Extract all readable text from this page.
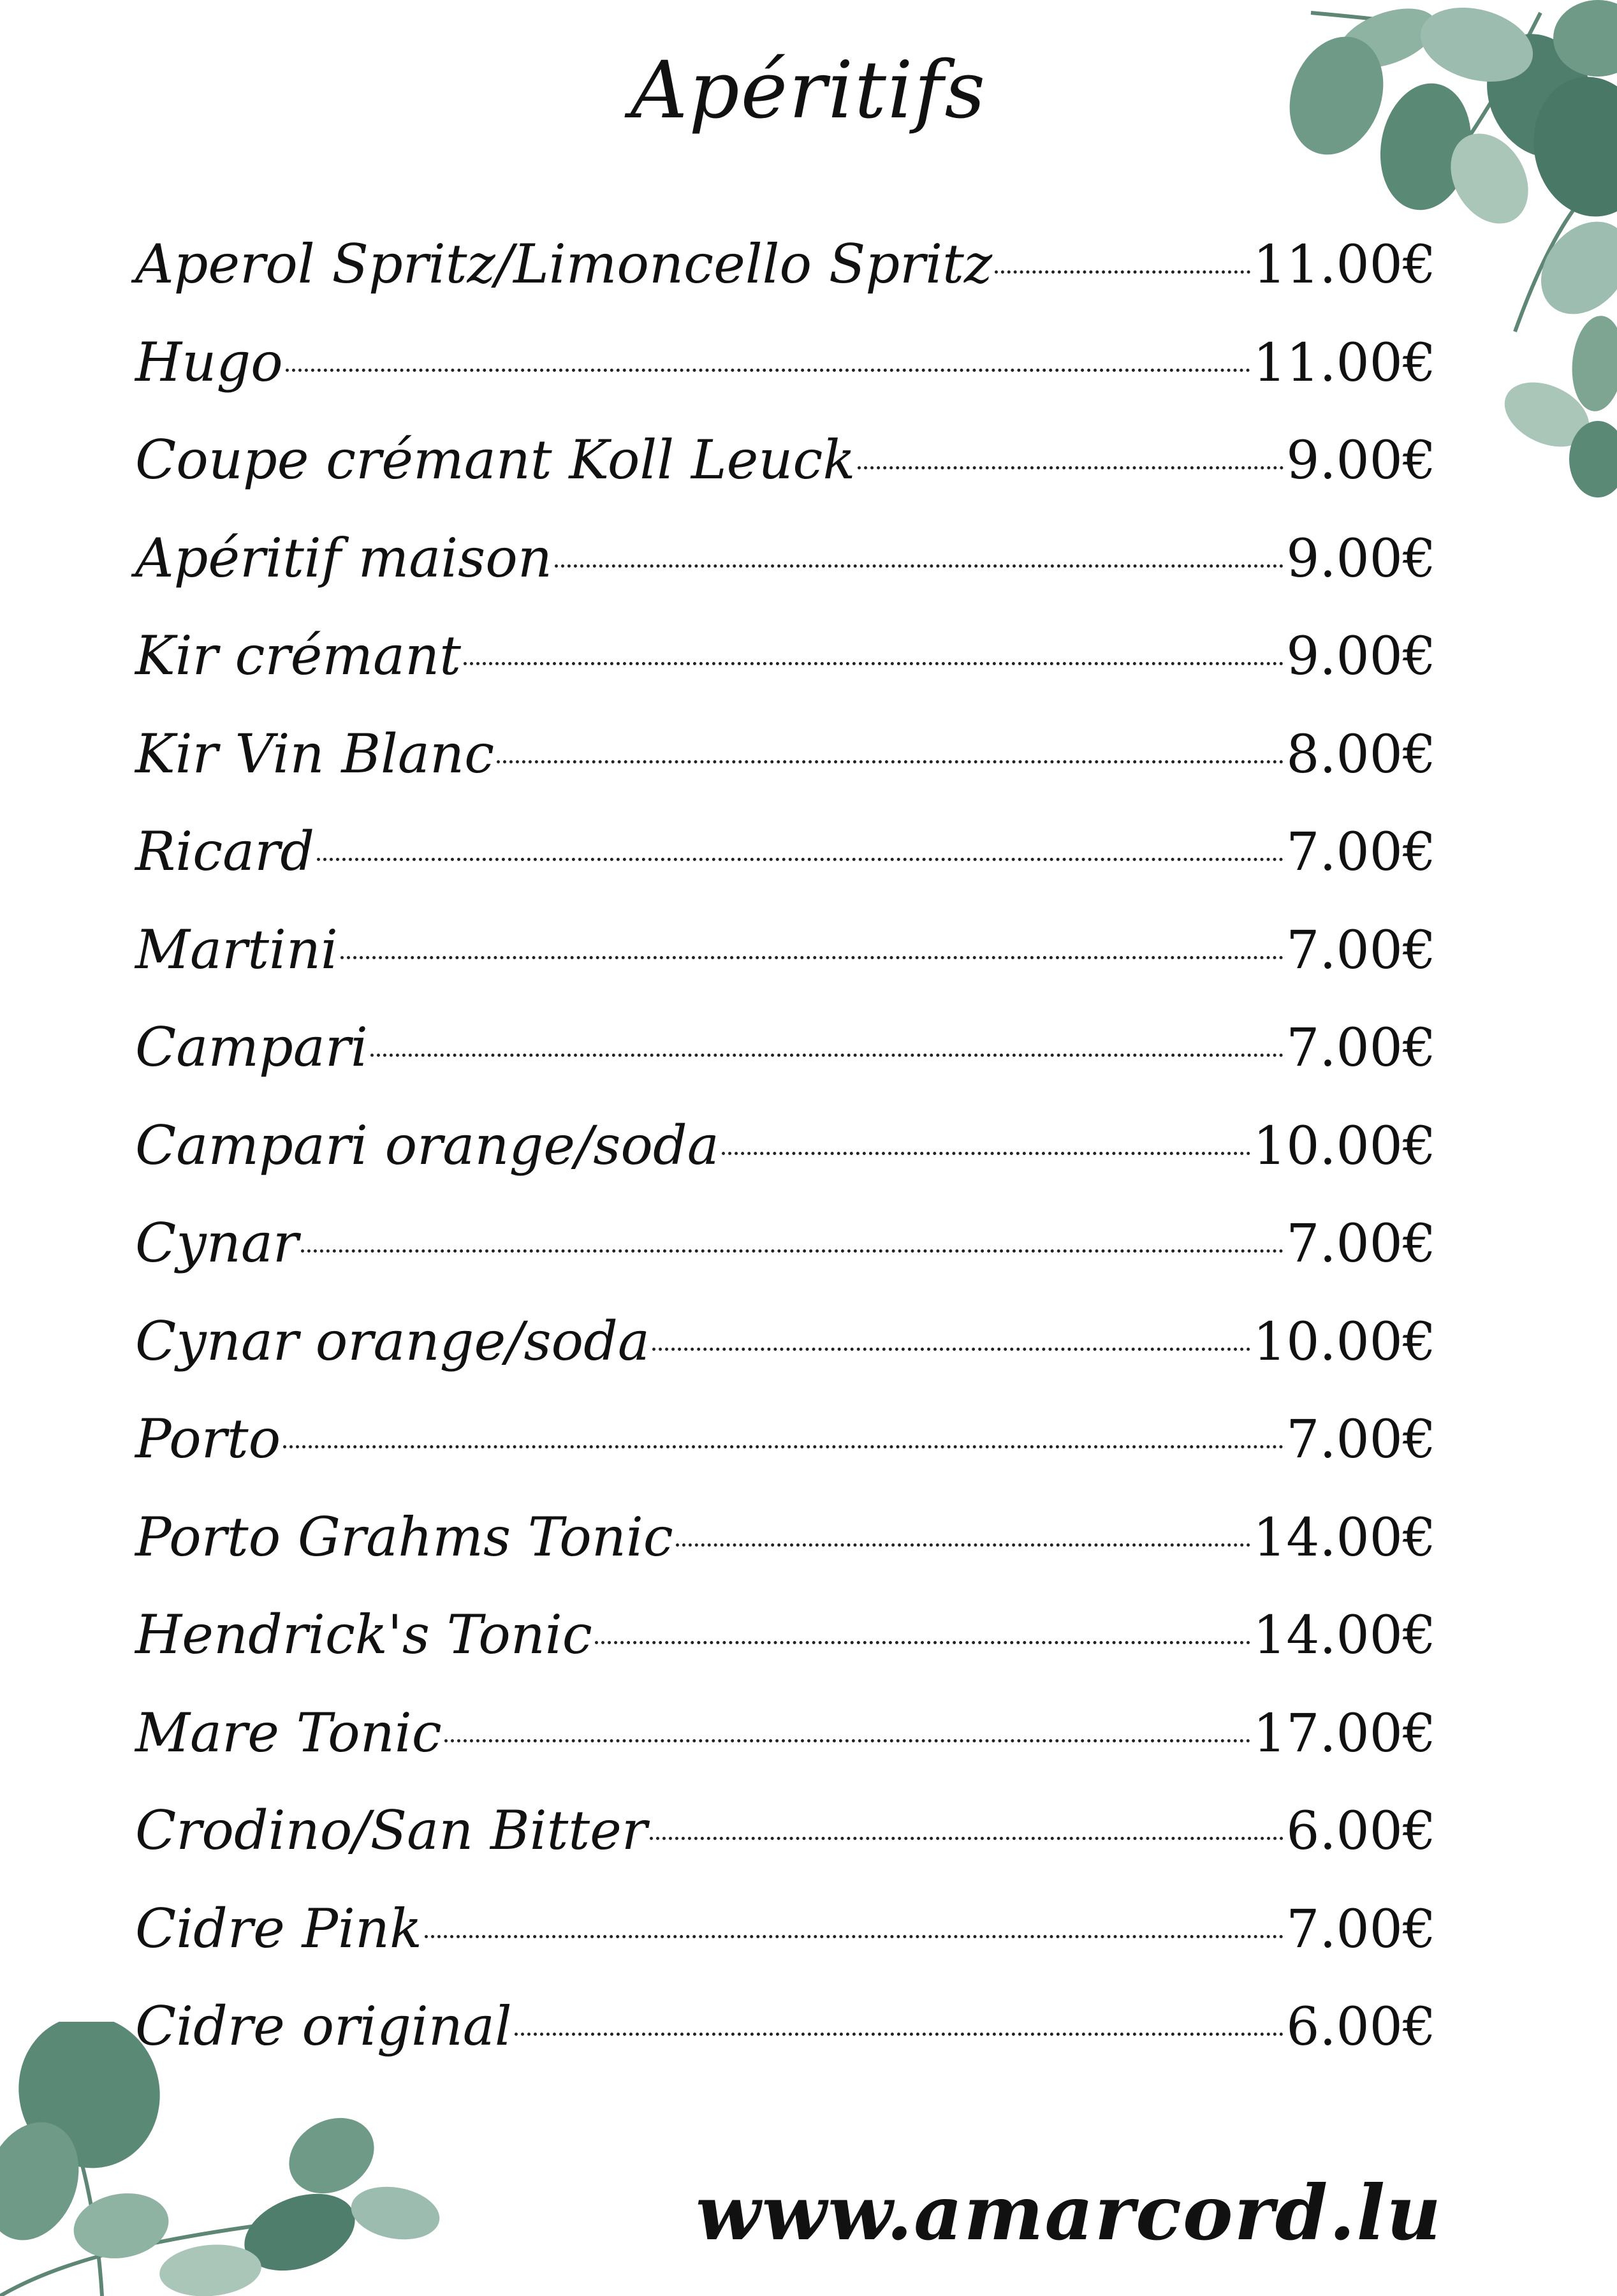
Apéritifs
Aperol Spritz/Limoncello Spritz	11.00€
Hugo	11.00€
Coupe crémant Koll Leuck	9.00€
Apéritif maison	9.00€
Kir crémant	9.00€
Kir Vin Blanc	8.00€
Ricard	7.00€
Martini	7.00€
Campari	7.00€
Campari orange/soda	10.00€
Cynar	7.00€
Cynar orange/soda	10.00€
Porto	7.00€
Porto Grahms Tonic	14.00€
Hendrick's Tonic	14.00€
Mare Tonic	17.00€
Crodino/San Bitter	6.00€
Cidre Pink	7.00€
Cidre original	6.00€
www.amarcord.lu
